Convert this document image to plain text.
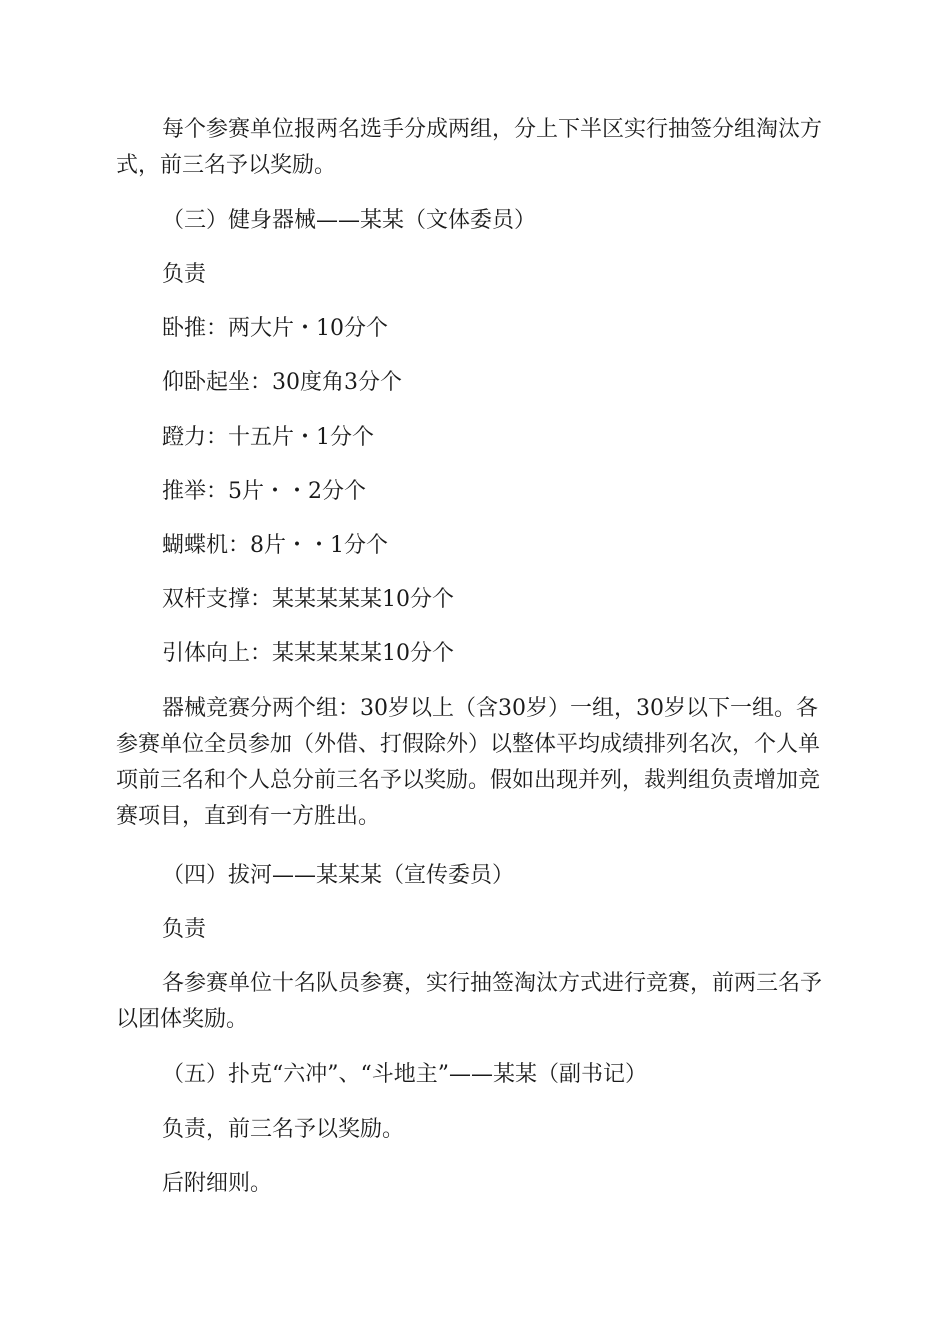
每个参赛单位报两名选手分成两组，分上下半区实行抽签分组淘汰方式，前三名予以奖励。

（三）健身器械——某某（文体委员）

负责

卧推：两大片・10分个

仰卧起坐：30度角3分个

蹬力：十五片・1分个

推举：5片・・2分个

蝴蝶机：8片・・1分个

双杆支撑：某某某某某10分个

引体向上：某某某某某10分个

器械竞赛分两个组：30岁以上（含30岁）一组，30岁以下一组。各参赛单位全员参加（外借、打假除外）以整体平均成绩排列名次，个人单项前三名和个人总分前三名予以奖励。假如出现并列，裁判组负责增加竞赛项目，直到有一方胜出。

（四）拔河——某某某（宣传委员）

负责

各参赛单位十名队员参赛，实行抽签淘汰方式进行竞赛，前两三名予以团体奖励。

（五）扑克“六冲”、“斗地主”——某某（副书记）

负责，前三名予以奖励。

后附细则。
